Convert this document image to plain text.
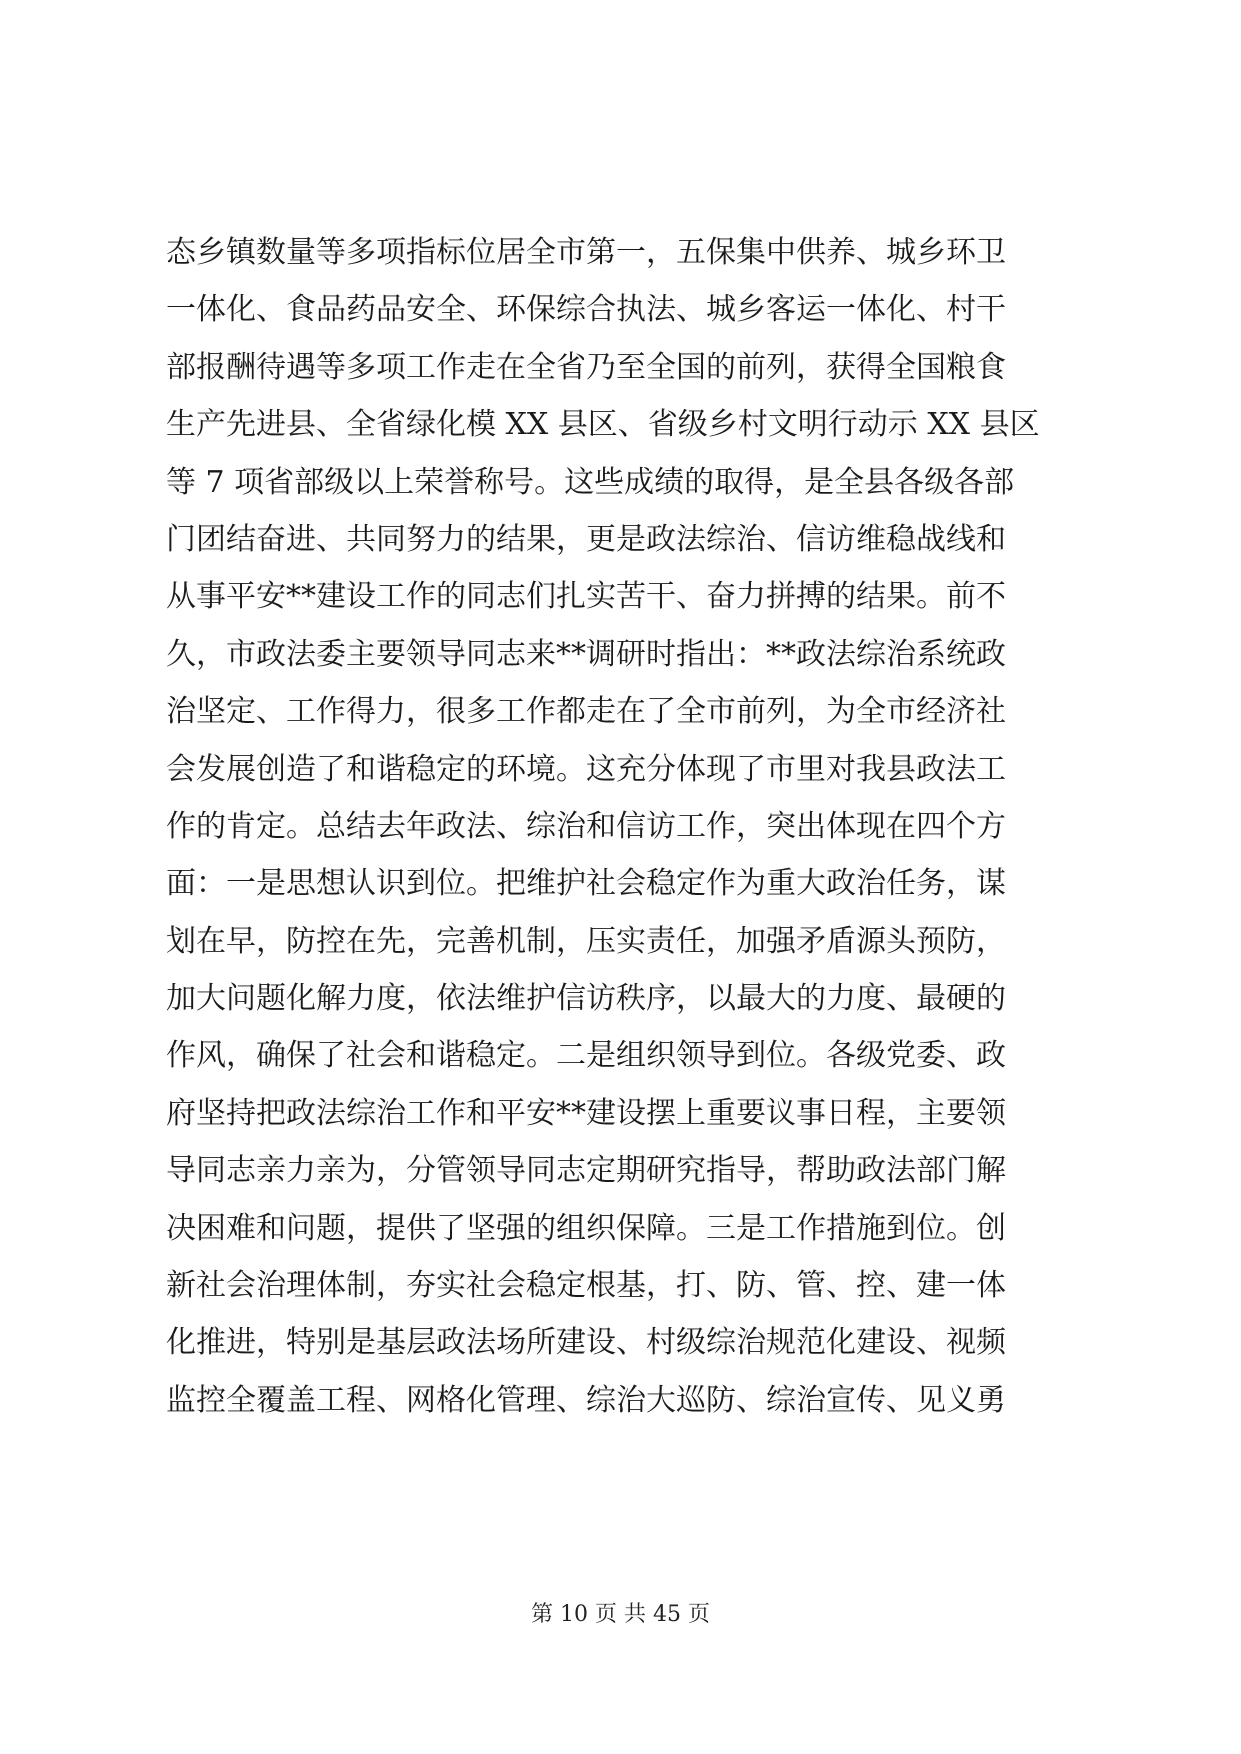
态乡镇数量等多项指标位居全市第一，五保集中供养、城乡环卫
一体化、食品药品安全、环保综合执法、城乡客运一体化、村干
部报酬待遇等多项工作走在全省乃至全国的前列，获得全国粮食
生产先进县、全省绿化模 XX 县区、省级乡村文明行动示 XX 县区
等 7 项省部级以上荣誉称号。这些成绩的取得，是全县各级各部
门团结奋进、共同努力的结果，更是政法综治、信访维稳战线和
从事平安**建设工作的同志们扎实苦干、奋力拼搏的结果。前不
久，市政法委主要领导同志来**调研时指出：**政法综治系统政
治坚定、工作得力，很多工作都走在了全市前列，为全市经济社
会发展创造了和谐稳定的环境。这充分体现了市里对我县政法工
作的肯定。总结去年政法、综治和信访工作，突出体现在四个方
面：一是思想认识到位。把维护社会稳定作为重大政治任务，谋
划在早，防控在先，完善机制，压实责任，加强矛盾源头预防，
加大问题化解力度，依法维护信访秩序，以最大的力度、最硬的
作风，确保了社会和谐稳定。二是组织领导到位。各级党委、政
府坚持把政法综治工作和平安**建设摆上重要议事日程，主要领
导同志亲力亲为，分管领导同志定期研究指导，帮助政法部门解
决困难和问题，提供了坚强的组织保障。三是工作措施到位。创
新社会治理体制，夯实社会稳定根基，打、防、管、控、建一体
化推进，特别是基层政法场所建设、村级综治规范化建设、视频
监控全覆盖工程、网格化管理、综治大巡防、综治宣传、见义勇
第 10 页 共 45 页
